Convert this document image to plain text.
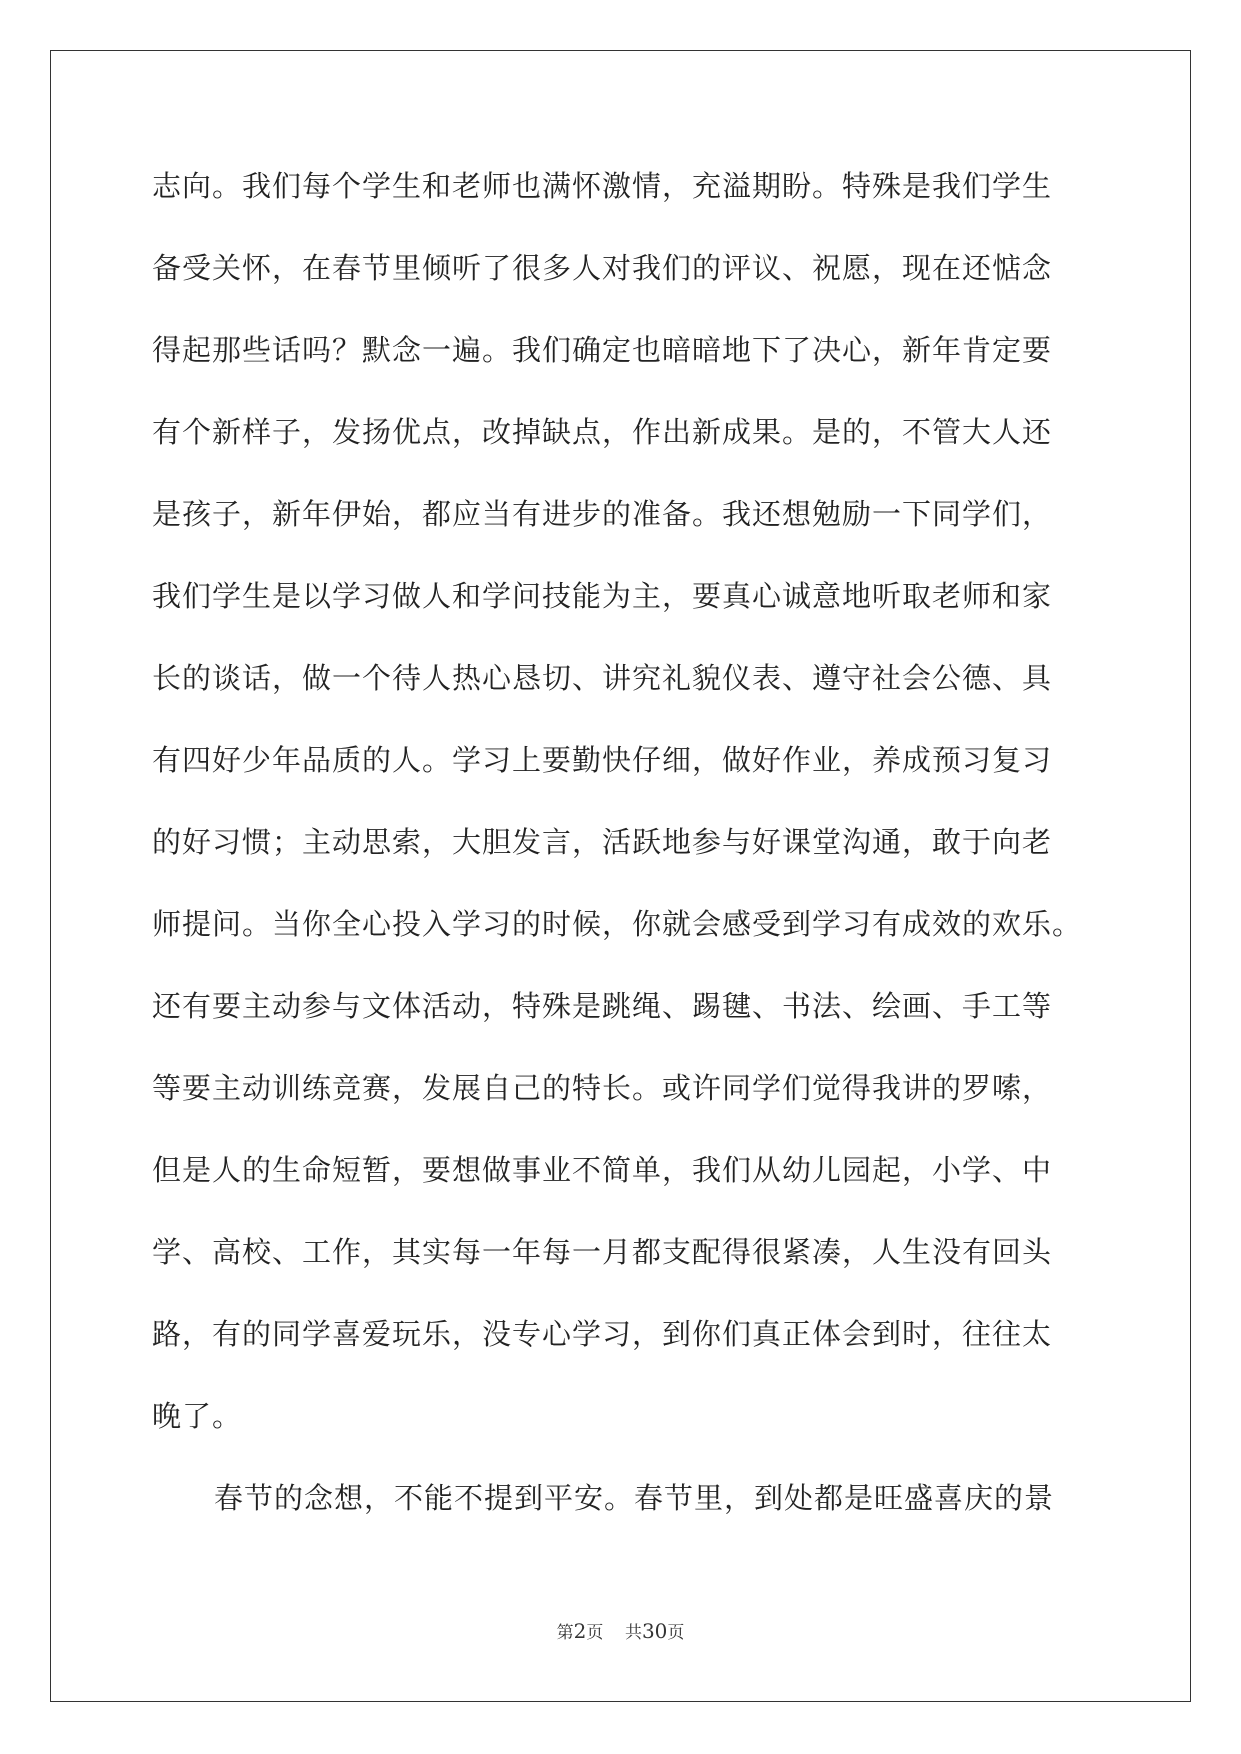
志向。我们每个学生和老师也满怀激情，充溢期盼。特殊是我们学生
备受关怀，在春节里倾听了很多人对我们的评议、祝愿，现在还惦念
得起那些话吗？默念一遍。我们确定也暗暗地下了决心，新年肯定要
有个新样子，发扬优点，改掉缺点，作出新成果。是的，不管大人还
是孩子，新年伊始，都应当有进步的准备。我还想勉励一下同学们，
我们学生是以学习做人和学问技能为主，要真心诚意地听取老师和家
长的谈话，做一个待人热心恳切、讲究礼貌仪表、遵守社会公德、具
有四好少年品质的人。学习上要勤快仔细，做好作业，养成预习复习
的好习惯；主动思索，大胆发言，活跃地参与好课堂沟通，敢于向老
师提问。当你全心投入学习的时候，你就会感受到学习有成效的欢乐。
还有要主动参与文体活动，特殊是跳绳、踢毽、书法、绘画、手工等
等要主动训练竞赛，发展自己的特长。或许同学们觉得我讲的罗嗦，
但是人的生命短暂，要想做事业不简单，我们从幼儿园起，小学、中
学、高校、工作，其实每一年每一月都支配得很紧凑，人生没有回头
路，有的同学喜爱玩乐，没专心学习，到你们真正体会到时，往往太
晚了。
春节的念想，不能不提到平安。春节里，到处都是旺盛喜庆的景
第2页 共30页
